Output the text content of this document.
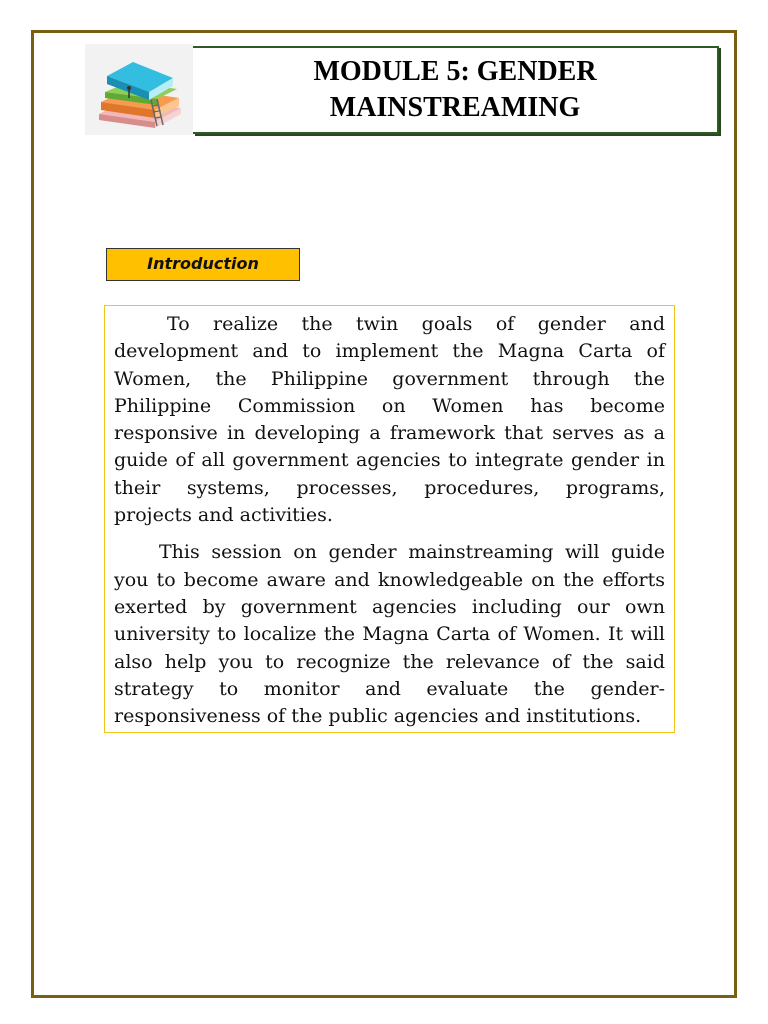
MODULE 5: GENDER
MAINSTREAMING
Introduction

To realize the twin goals of gender and development and to implement the Magna Carta of Women, the Philippine government through the Philippine Commission on Women has become responsive in developing a framework that serves as a guide of all government agencies to integrate gender in their systems, processes, procedures, programs, projects and activities.

This session on gender mainstreaming will guide you to become aware and knowledgeable on the efforts exerted by government agencies including our own university to localize the Magna Carta of Women. It will also help you to recognize the relevance of the said strategy to monitor and evaluate the gender-responsiveness of the public agencies and institutions.
